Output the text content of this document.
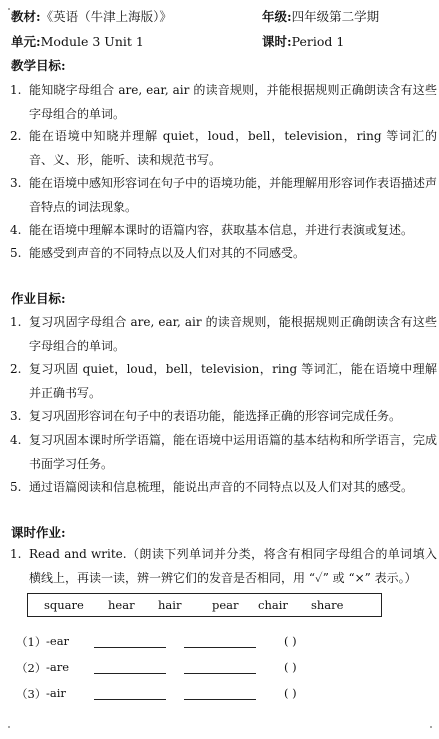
教材:《英语（牛津上海版）》	年级:四年级第二学期
单元:Module 3 Unit 1	课时:Period 1
教学目标:
1. 能知晓字母组合 are, ear, air 的读音规则，并能根据规则正确朗读含有这些字母组合的单词。
2. 能在语境中知晓并理解 quiet，loud，bell，television，ring 等词汇的音、义、形，能听、读和规范书写。
3. 能在语境中感知形容词在句子中的语境功能，并能理解用形容词作表语描述声音特点的词法现象。
4. 能在语境中理解本课时的语篇内容，获取基本信息，并进行表演或复述。
5. 能感受到声音的不同特点以及人们对其的不同感受。
作业目标:
1. 复习巩固字母组合 are, ear, air 的读音规则，能根据规则正确朗读含有这些字母组合的单词。
2. 复习巩固 quiet，loud，bell，television，ring 等词汇，能在语境中理解并正确书写。
3. 复习巩固形容词在句子中的表语功能，能选择正确的形容词完成任务。
4. 复习巩固本课时所学语篇，能在语境中运用语篇的基本结构和所学语言，完成书面学习任务。
5. 通过语篇阅读和信息梳理，能说出声音的不同特点以及人们对其的感受。
课时作业:
1. Read and write.（朗读下列单词并分类，将含有相同字母组合的单词填入横线上，再读一读，辨一辨它们的发音是否相同，用 “✓” 或 “×” 表示。）
square hear hair	pear chair share
（1） -ear	( )
（2） -are	( )
（3） -air	( )
